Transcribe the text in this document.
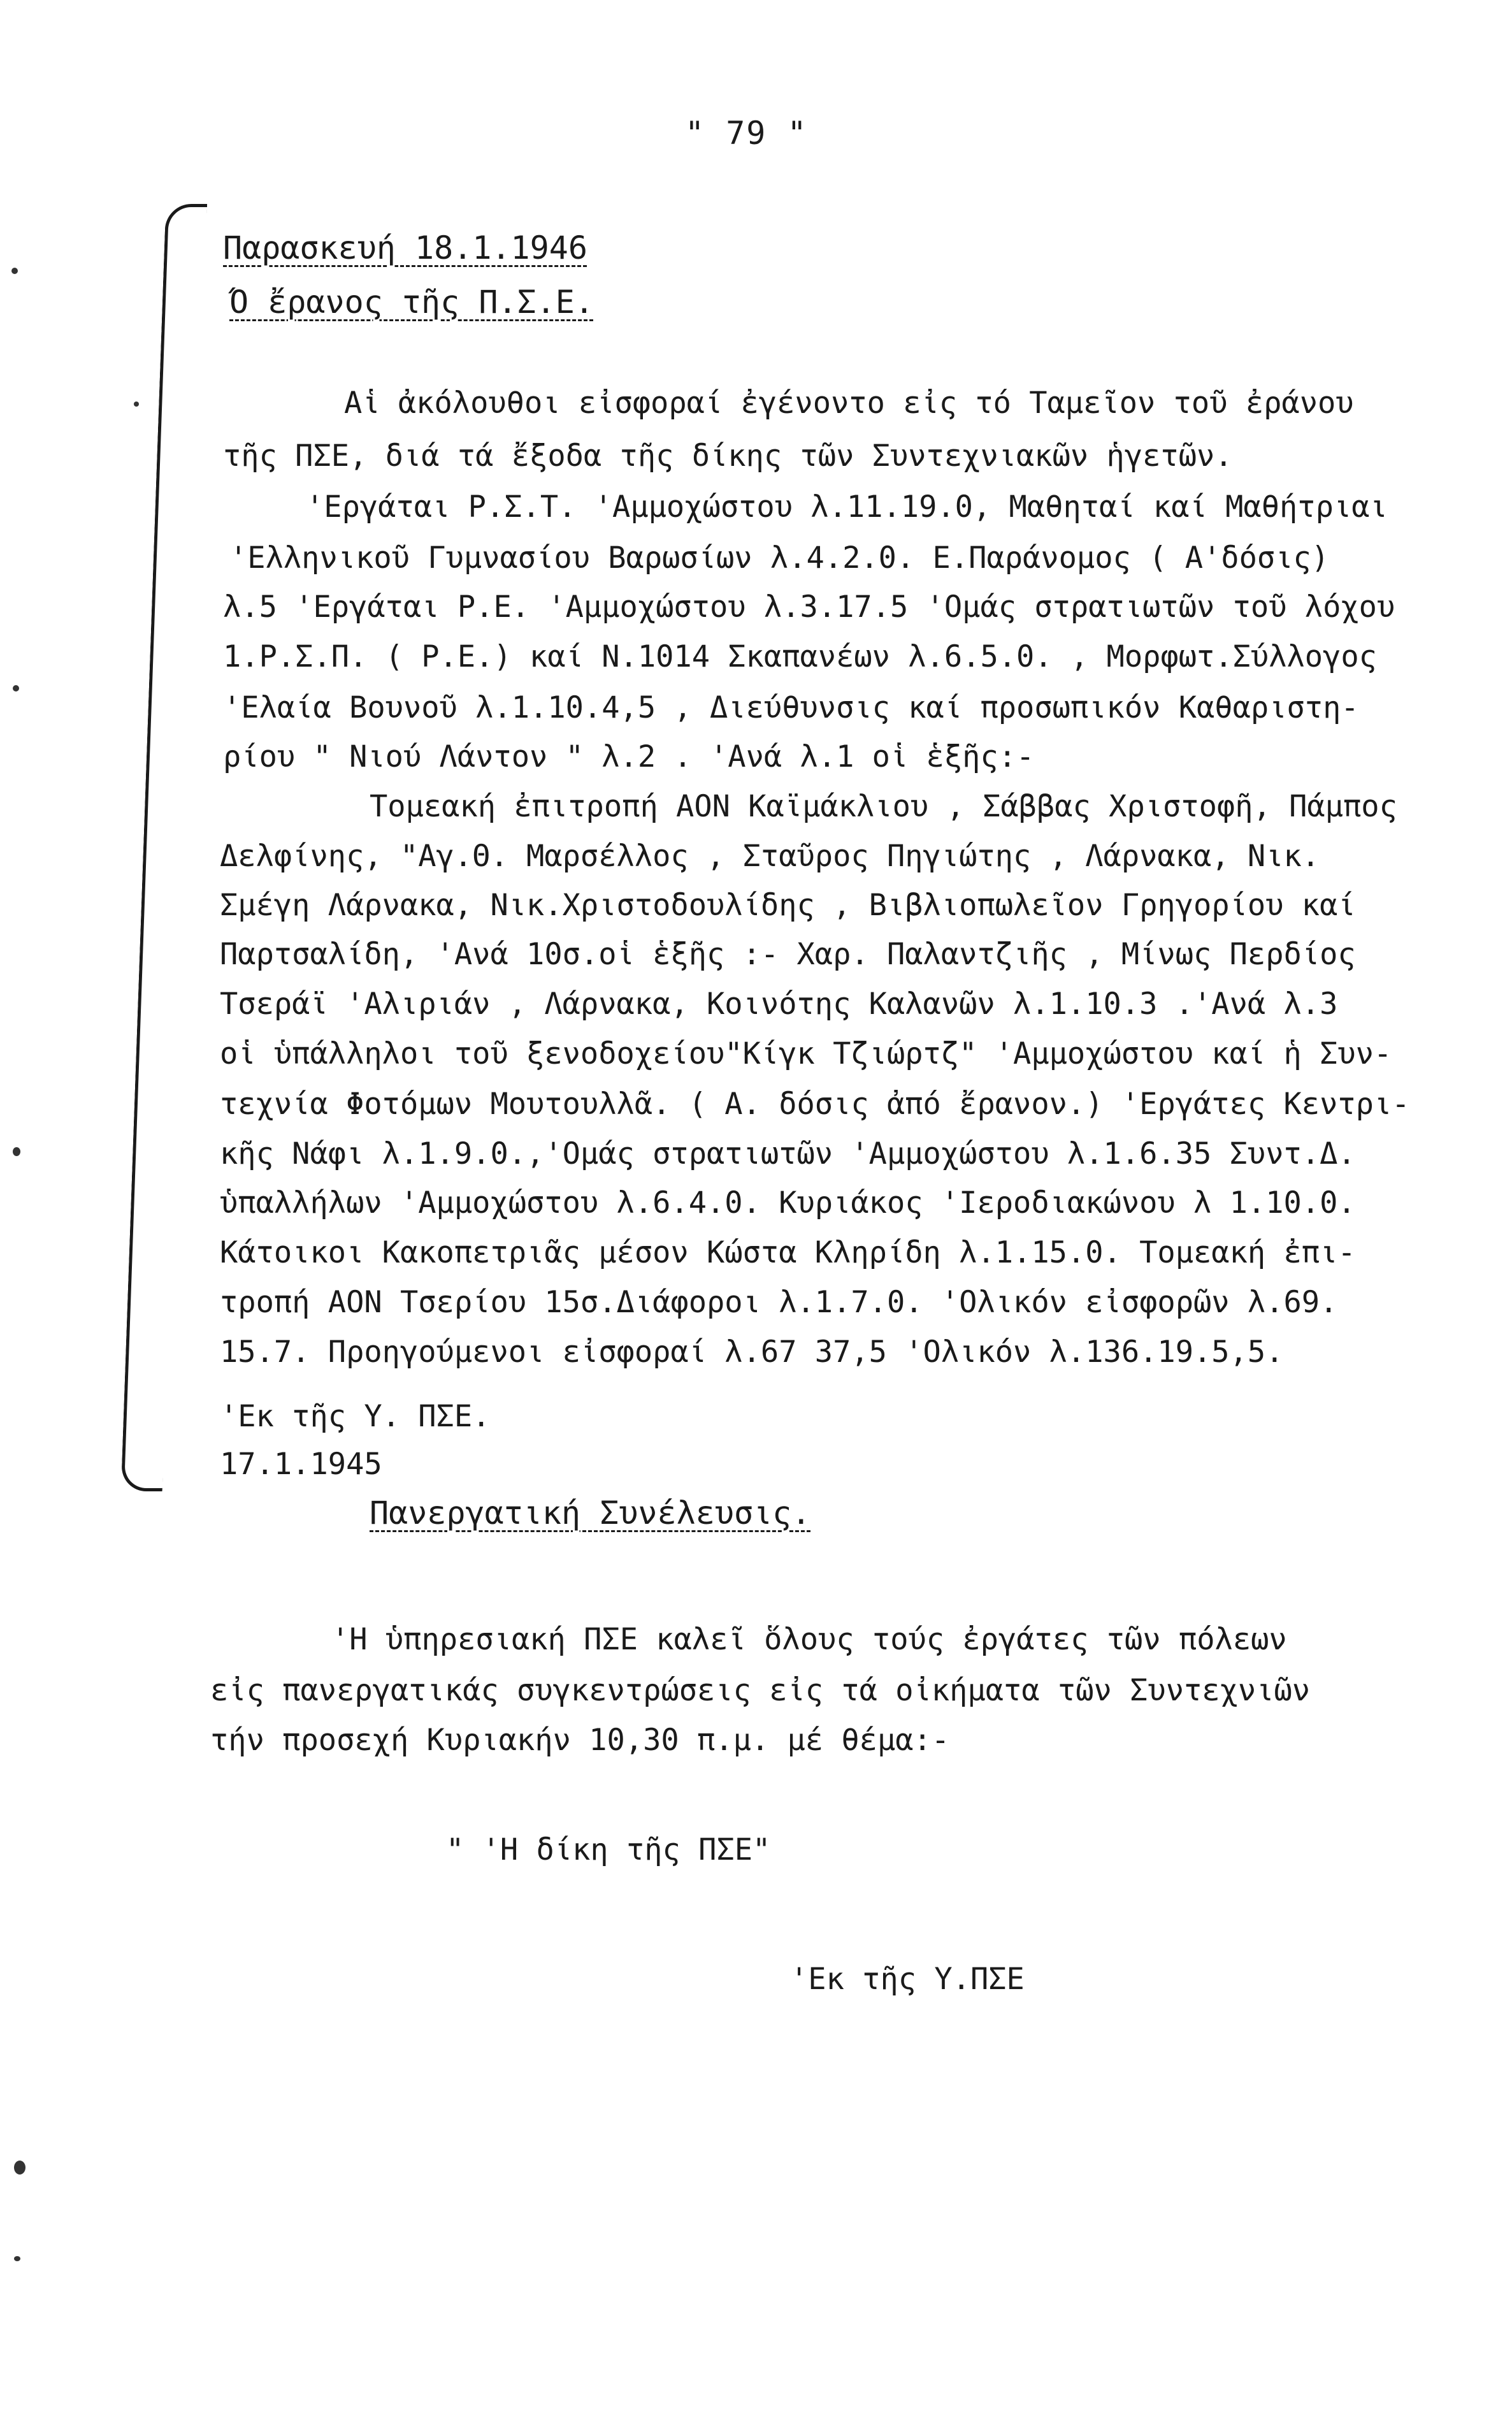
" 79 "
Παρασκευή 18.1.1946
Ό ἔρανος τῆς Π.Σ.Ε.
Αἱ ἀκόλουθοι εἰσφοραί ἐγένοντο εἰς τό Ταμεῖον τοῦ ἐράνου
τῆς ΠΣΕ, διά τά ἔξοδα τῆς δίκης τῶν Συντεχνιακῶν ἡγετῶν.
'Εργάται Ρ.Σ.Τ. 'Αμμοχώστου λ.11.19.0, Μαθηταί καί Μαθήτριαι
'Ελληνικοῦ Γυμνασίου Βαρωσίων λ.4.2.0. Ε.Παράνομος ( Α'δόσις)
λ.5 'Εργάται Ρ.Ε. 'Αμμοχώστου λ.3.17.5 'Ομάς στρατιωτῶν τοῦ λόχου
1.Ρ.Σ.Π. ( Ρ.Ε.) καί Ν.1014 Σκαπανέων λ.6.5.0. , Μορφωτ.Σύλλογος
'Ελαία Βουνοῦ λ.1.10.4,5 , Διεύθυνσις καί προσωπικόν Καθαριστη-
ρίου " Νιού Λάντον " λ.2 . 'Ανά λ.1 οἱ ἑξῆς:-
Τομεακή ἐπιτροπή ΑΟΝ Καϊμάκλιου , Σάββας Χριστοφῆ, Πάμπος
Δελφίνης, "Αγ.Θ. Μαρσέλλος , Σταῦρος Πηγιώτης , Λάρνακα, Νικ.
Σμέγη Λάρνακα, Νικ.Χριστοδουλίδης , Βιβλιοπωλεῖον Γρηγορίου καί
Παρτσαλίδη, 'Ανά 10σ.οἱ ἑξῆς :- Χαρ. Παλαντζιῆς , Μίνως Περδίος
Τσεράϊ 'Αλιριάν , Λάρνακα, Κοινότης Καλανῶν λ.1.10.3 .'Ανά λ.3
οἱ ὑπάλληλοι τοῦ ξενοδοχείου"Κίγκ Τζιώρτζ" 'Αμμοχώστου καί ἡ Συν-
τεχνία Φοτόμων Μουτουλλᾶ. ( Α. δόσις ἀπό ἔρανον.) 'Εργάτες Κεντρι-
κῆς Νάφι λ.1.9.0.,'Ομάς στρατιωτῶν 'Αμμοχώστου λ.1.6.35 Συντ.Δ.
ὑπαλλήλων 'Αμμοχώστου λ.6.4.0. Κυριάκος 'Ιεροδιακώνου λ 1.10.0.
Κάτοικοι Κακοπετριᾶς μέσον Κώστα Κληρίδη λ.1.15.0. Τομεακή ἐπι-
τροπή ΑΟΝ Τσερίου 15σ.Διάφοροι λ.1.7.0. 'Ολικόν εἰσφορῶν λ.69.
15.7. Προηγούμενοι εἰσφοραί λ.67 37,5 'Ολικόν λ.136.19.5,5.
'Εκ τῆς Υ. ΠΣΕ.
17.1.1945
Πανεργατική Συνέλευσις.
'Η ὑπηρεσιακή ΠΣΕ καλεῖ ὅλους τούς ἐργάτες τῶν πόλεων
εἰς πανεργατικάς συγκεντρώσεις εἰς τά οἰκήματα τῶν Συντεχνιῶν
τήν προσεχή Κυριακήν 10,30 π.μ. μέ θέμα:-
" 'Η δίκη τῆς ΠΣΕ"
'Εκ τῆς Υ.ΠΣΕ
